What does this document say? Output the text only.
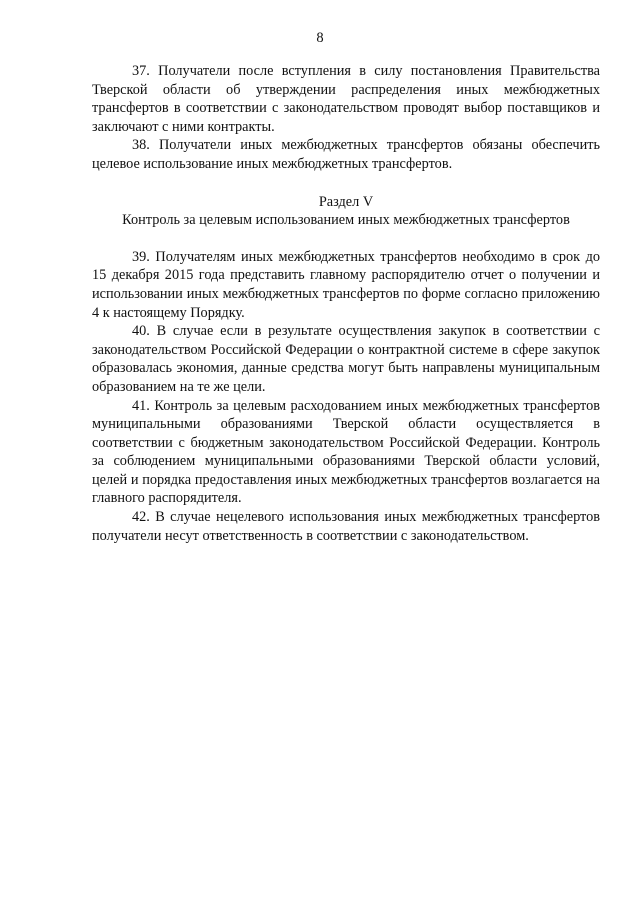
8

37. Получатели после вступления в силу постановления Правительства Тверской области об утверждении распределения иных межбюджетных трансфертов в соответствии с законодательством проводят выбор поставщиков и заключают с ними контракты.

38. Получатели иных межбюджетных трансфертов обязаны обеспечить целевое использование иных межбюджетных трансфертов.

Раздел V
Контроль за целевым использованием иных межбюджетных трансфертов

39. Получателям иных межбюджетных трансфертов необходимо в срок до 15 декабря 2015 года представить главному распорядителю отчет о получении и использовании иных межбюджетных трансфертов по форме согласно приложению 4 к настоящему Порядку.

40. В случае если в результате осуществления закупок в соответствии с законодательством Российской Федерации о контрактной системе в сфере закупок образовалась экономия, данные средства могут быть направлены муниципальным образованием на те же цели.

41. Контроль за целевым расходованием иных межбюджетных трансфертов муниципальными образованиями Тверской области осуществляется в соответствии с бюджетным законодательством Российской Федерации. Контроль за соблюдением муниципальными образованиями Тверской области условий, целей и порядка предоставления иных межбюджетных трансфертов возлагается на главного распорядителя.

42. В случае нецелевого использования иных межбюджетных трансфертов получатели несут ответственность в соответствии с законодательством.
